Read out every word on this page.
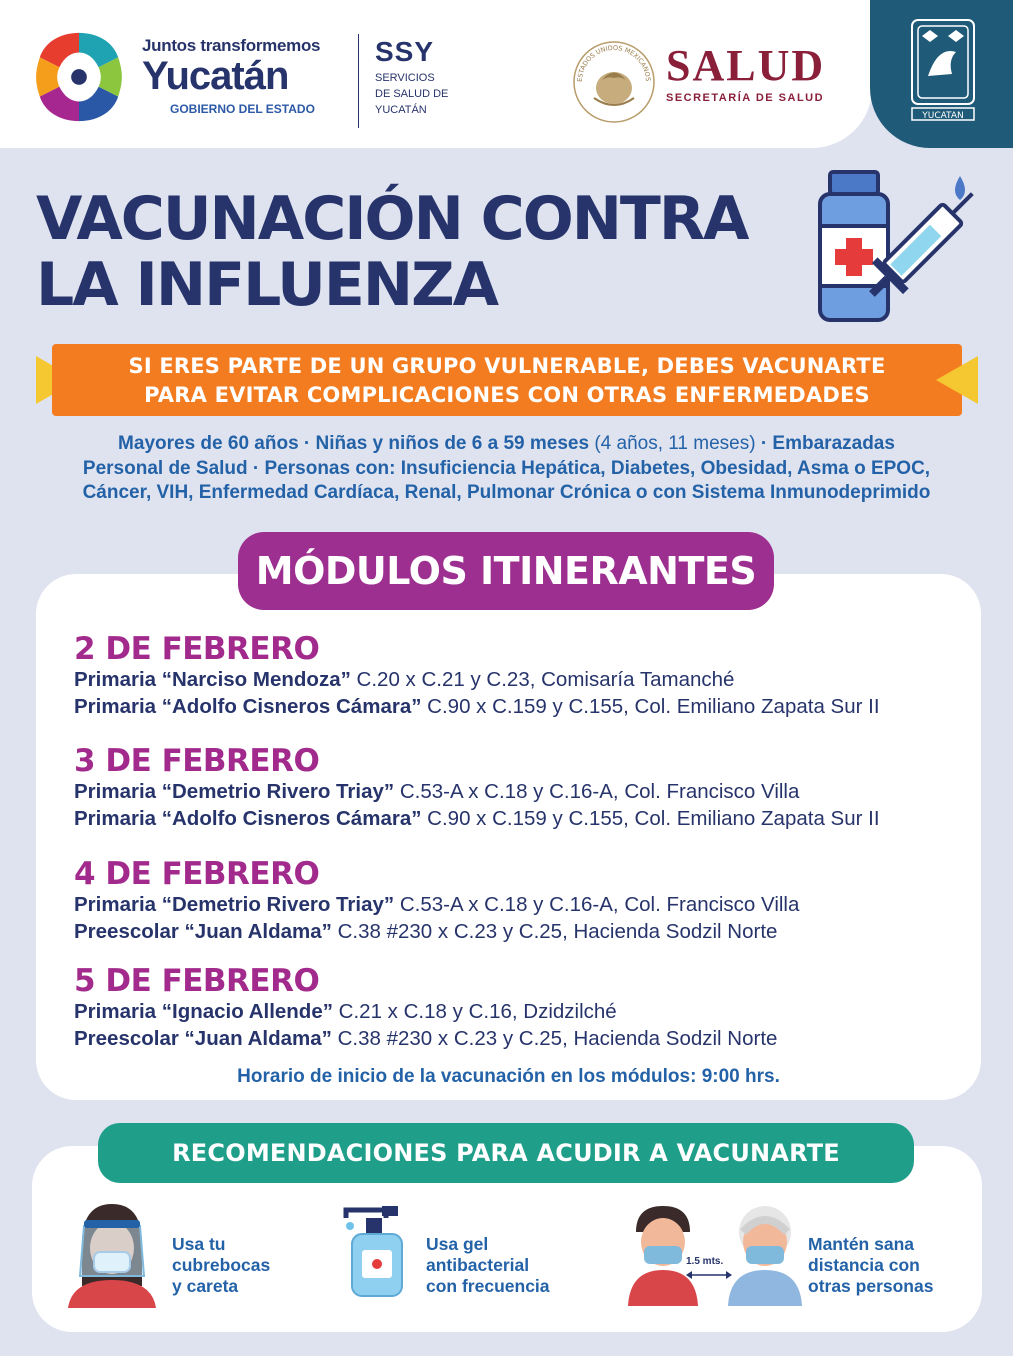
Juntos transformemos
Yucatán
GOBIERNO DEL ESTADO
SSY
SERVICIOS
DE SALUD DE
YUCATÁN
ESTADOS UNIDOS MEXICANOS SALUD
SECRETARÍA DE SALUD
YUCATAN
VACUNACIÓN CONTRA
LA INFLUENZA
SI ERES PARTE DE UN GRUPO VULNERABLE, DEBES VACUNARTE
PARA EVITAR COMPLICACIONES CON OTRAS ENFERMEDADES
Mayores de 60 años · Niñas y niños de 6 a 59 meses (4 años, 11 meses) · Embarazadas
Personal de Salud · Personas con: Insuficiencia Hepática, Diabetes, Obesidad, Asma o EPOC,
Cáncer, VIH, Enfermedad Cardíaca, Renal, Pulmonar Crónica o con Sistema Inmunodeprimido
MÓDULOS ITINERANTES
2 DE FEBRERO
Primaria “Narciso Mendoza” C.20 x C.21 y C.23, Comisaría Tamanché
Primaria “Adolfo Cisneros Cámara” C.90 x C.159 y C.155, Col. Emiliano Zapata Sur II
3 DE FEBRERO
Primaria “Demetrio Rivero Triay” C.53-A x C.18 y C.16-A, Col. Francisco Villa
Primaria “Adolfo Cisneros Cámara” C.90 x C.159 y C.155, Col. Emiliano Zapata Sur II
4 DE FEBRERO
Primaria “Demetrio Rivero Triay” C.53-A x C.18 y C.16-A, Col. Francisco Villa
Preescolar “Juan Aldama” C.38 #230 x C.23 y C.25, Hacienda Sodzil Norte
5 DE FEBRERO
Primaria “Ignacio Allende” C.21 x C.18 y C.16, Dzidzilché
Preescolar “Juan Aldama” C.38 #230 x C.23 y C.25, Hacienda Sodzil Norte
Horario de inicio de la vacunación en los módulos: 9:00 hrs.
RECOMENDACIONES PARA ACUDIR A VACUNARTE
Usa tu
cubrebocas
y careta
Usa gel
antibacterial
con frecuencia
1.5 mts.
Mantén sana
distancia con
otras personas
